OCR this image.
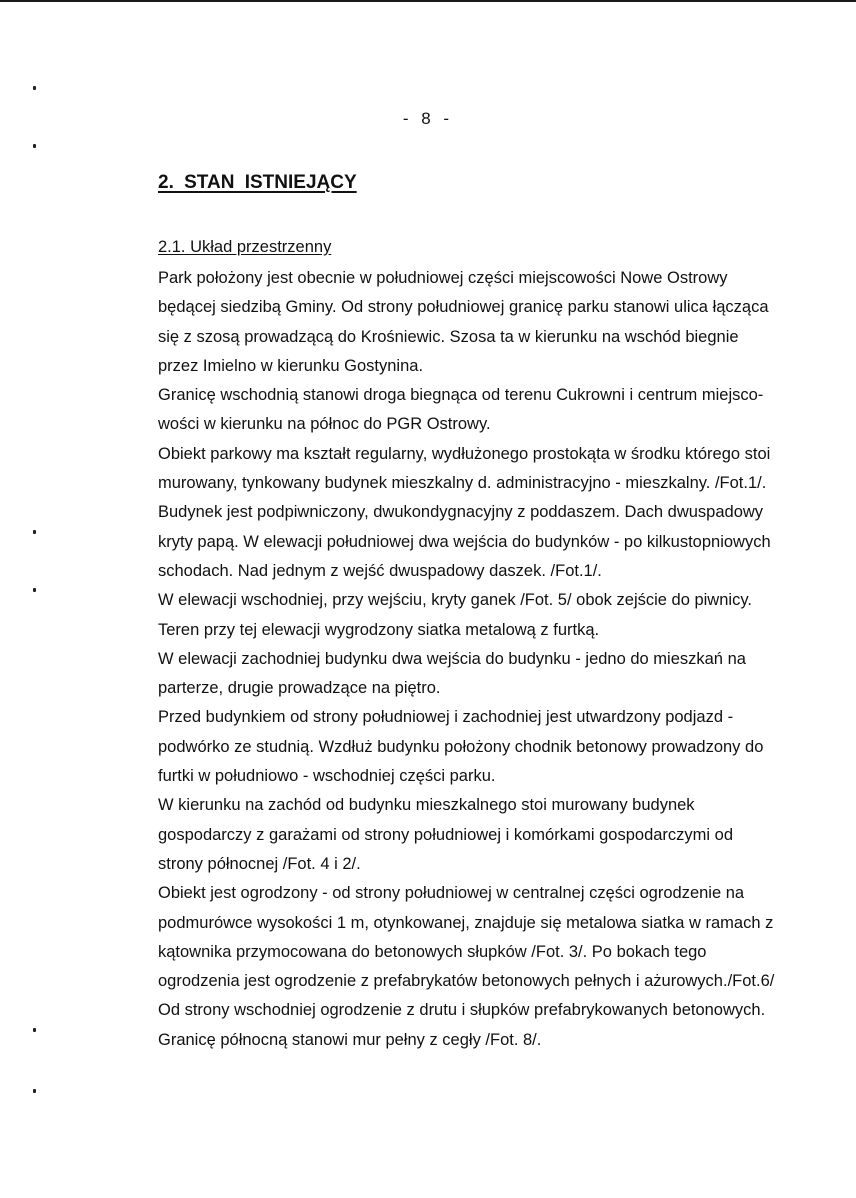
- 8 -
2. STAN ISTNIEJĄCY
2.1. Układ przestrzenny
Park położony jest obecnie w południowej części miejscowości Nowe Ostrowy
będącej siedzibą Gminy. Od strony południowej granicę parku stanowi ulica łącząca
się z szosą prowadzącą do Krośniewic. Szosa ta w kierunku na wschód biegnie
przez Imielno w kierunku Gostynina.
Granicę wschodnią stanowi droga biegnąca od terenu Cukrowni i centrum miejsco-
wości w kierunku na północ do PGR Ostrowy.
Obiekt parkowy ma kształt regularny, wydłużonego prostokąta w środku którego stoi
murowany, tynkowany budynek mieszkalny d. administracyjno - mieszkalny. /Fot.1/.
Budynek jest podpiwniczony, dwukondygnacyjny z poddaszem. Dach dwuspadowy
kryty papą. W elewacji południowej dwa wejścia do budynków - po kilkustopniowych
schodach. Nad jednym z wejść dwuspadowy daszek. /Fot.1/.
W elewacji wschodniej, przy wejściu, kryty ganek /Fot. 5/ obok zejście do piwnicy.
Teren przy tej elewacji wygrodzony siatka metalową z furtką.
W elewacji zachodniej budynku dwa wejścia do budynku - jedno do mieszkań na
parterze, drugie prowadzące na piętro.
Przed budynkiem od strony południowej i zachodniej jest utwardzony podjazd -
podwórko ze studnią. Wzdłuż budynku położony chodnik betonowy prowadzony do
furtki w południowo - wschodniej części parku.
W kierunku na zachód od budynku mieszkalnego stoi murowany budynek
gospodarczy z garażami od strony południowej i komórkami gospodarczymi od
strony północnej /Fot. 4 i 2/.
Obiekt jest ogrodzony - od strony południowej w centralnej części ogrodzenie na
podmurówce wysokości 1 m, otynkowanej, znajduje się metalowa siatka w ramach z
kątownika przymocowana do betonowych słupków /Fot. 3/. Po bokach tego
ogrodzenia jest ogrodzenie z prefabrykatów betonowych pełnych i ażurowych./Fot.6/
Od strony wschodniej ogrodzenie z drutu i słupków prefabrykowanych betonowych.
Granicę północną stanowi mur pełny z cegły /Fot. 8/.
